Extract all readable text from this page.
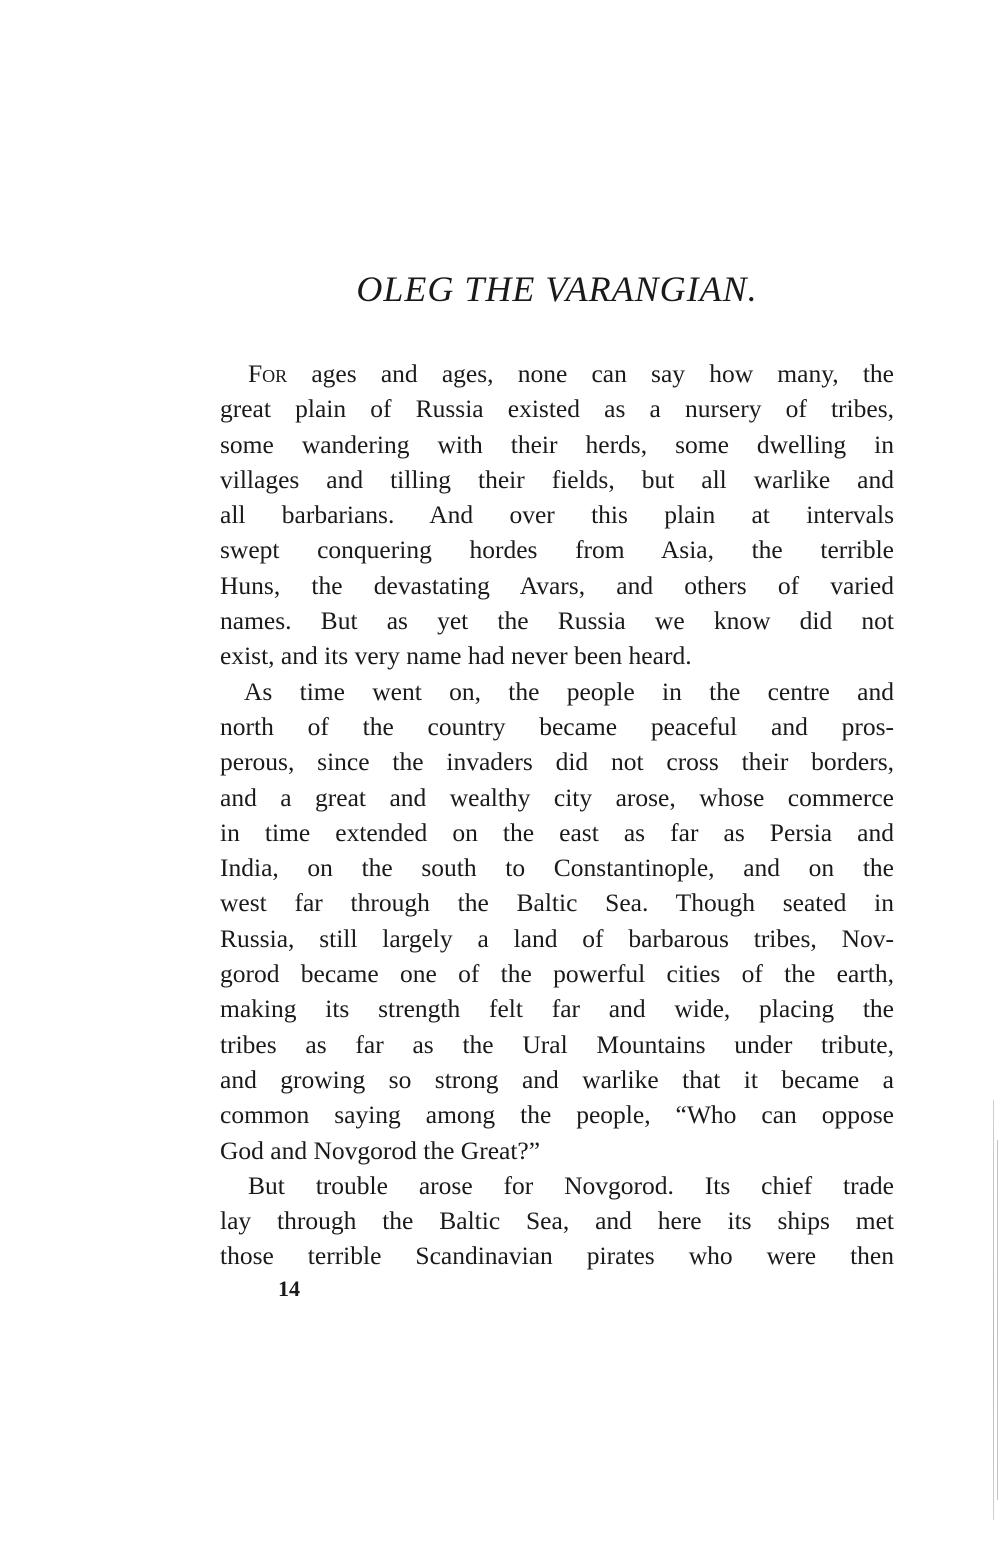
OLEG THE VARANGIAN.
For ages and ages, none can say how many, the
great plain of Russia existed as a nursery of tribes,
some wandering with their herds, some dwelling in
villages and tilling their fields, but all warlike and
all barbarians. And over this plain at intervals
swept conquering hordes from Asia, the terrible
Huns, the devastating Avars, and others of varied
names. But as yet the Russia we know did not
exist, and its very name had never been heard.
As time went on, the people in the centre and
north of the country became peaceful and pros-
perous, since the invaders did not cross their borders,
and a great and wealthy city arose, whose commerce
in time extended on the east as far as Persia and
India, on the south to Constantinople, and on the
west far through the Baltic Sea. Though seated in
Russia, still largely a land of barbarous tribes, Nov-
gorod became one of the powerful cities of the earth,
making its strength felt far and wide, placing the
tribes as far as the Ural Mountains under tribute,
and growing so strong and warlike that it became a
common saying among the people, “Who can oppose
God and Novgorod the Great?”
But trouble arose for Novgorod. Its chief trade
lay through the Baltic Sea, and here its ships met
those terrible Scandinavian pirates who were then
14
